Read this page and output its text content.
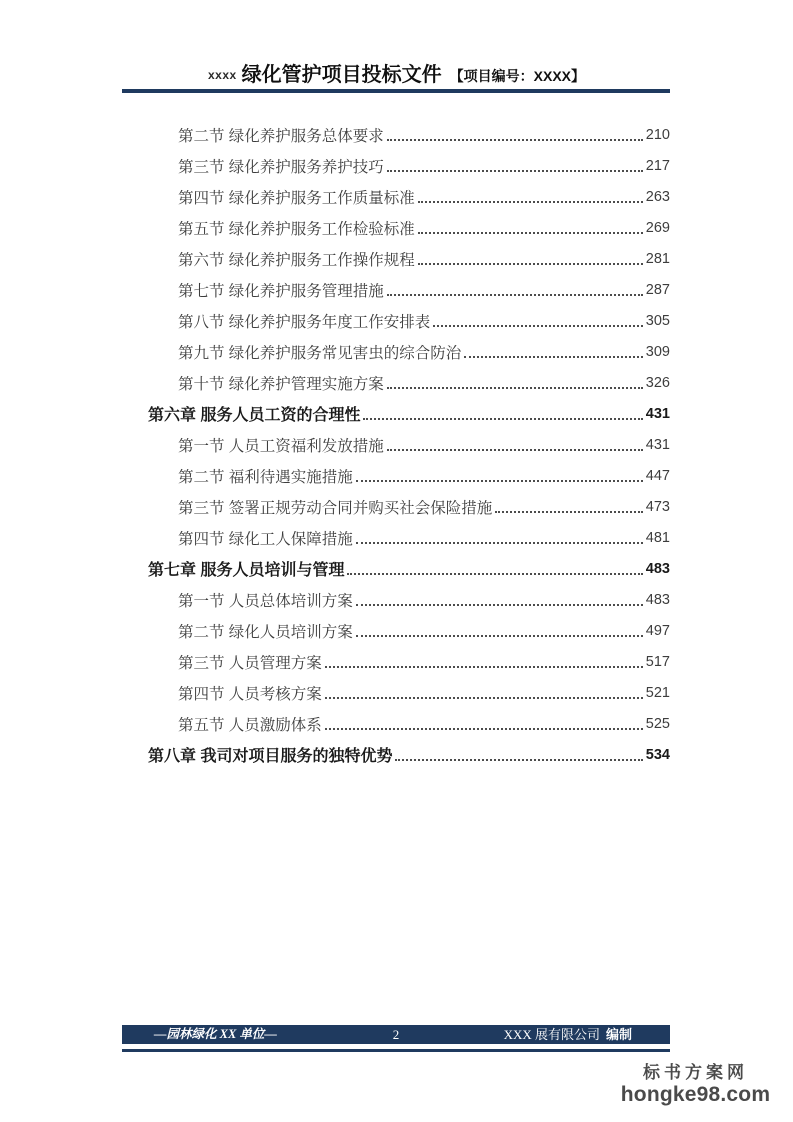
xxxx 绿化管护项目投标文件 【项目编号：XXXX】
第二节 绿化养护服务总体要求	210
第三节 绿化养护服务养护技巧	217
第四节 绿化养护服务工作质量标准	263
第五节 绿化养护服务工作检验标准	269
第六节 绿化养护服务工作操作规程	281
第七节 绿化养护服务管理措施	287
第八节 绿化养护服务年度工作安排表	305
第九节 绿化养护服务常见害虫的综合防治	309
第十节 绿化养护管理实施方案	326
第六章 服务人员工资的合理性	431
第一节 人员工资福利发放措施	431
第二节 福利待遇实施措施	447
第三节 签署正规劳动合同并购买社会保险措施	473
第四节 绿化工人保障措施	481
第七章 服务人员培训与管理	483
第一节 人员总体培训方案	483
第二节 绿化人员培训方案	497
第三节 人员管理方案	517
第四节 人员考核方案	521
第五节 人员激励体系	525
第八章 我司对项目服务的独特优势	534
—园林绿化 XX 单位—	2	XXX 展有限公司 编制
标书方案网
hongke98.com
